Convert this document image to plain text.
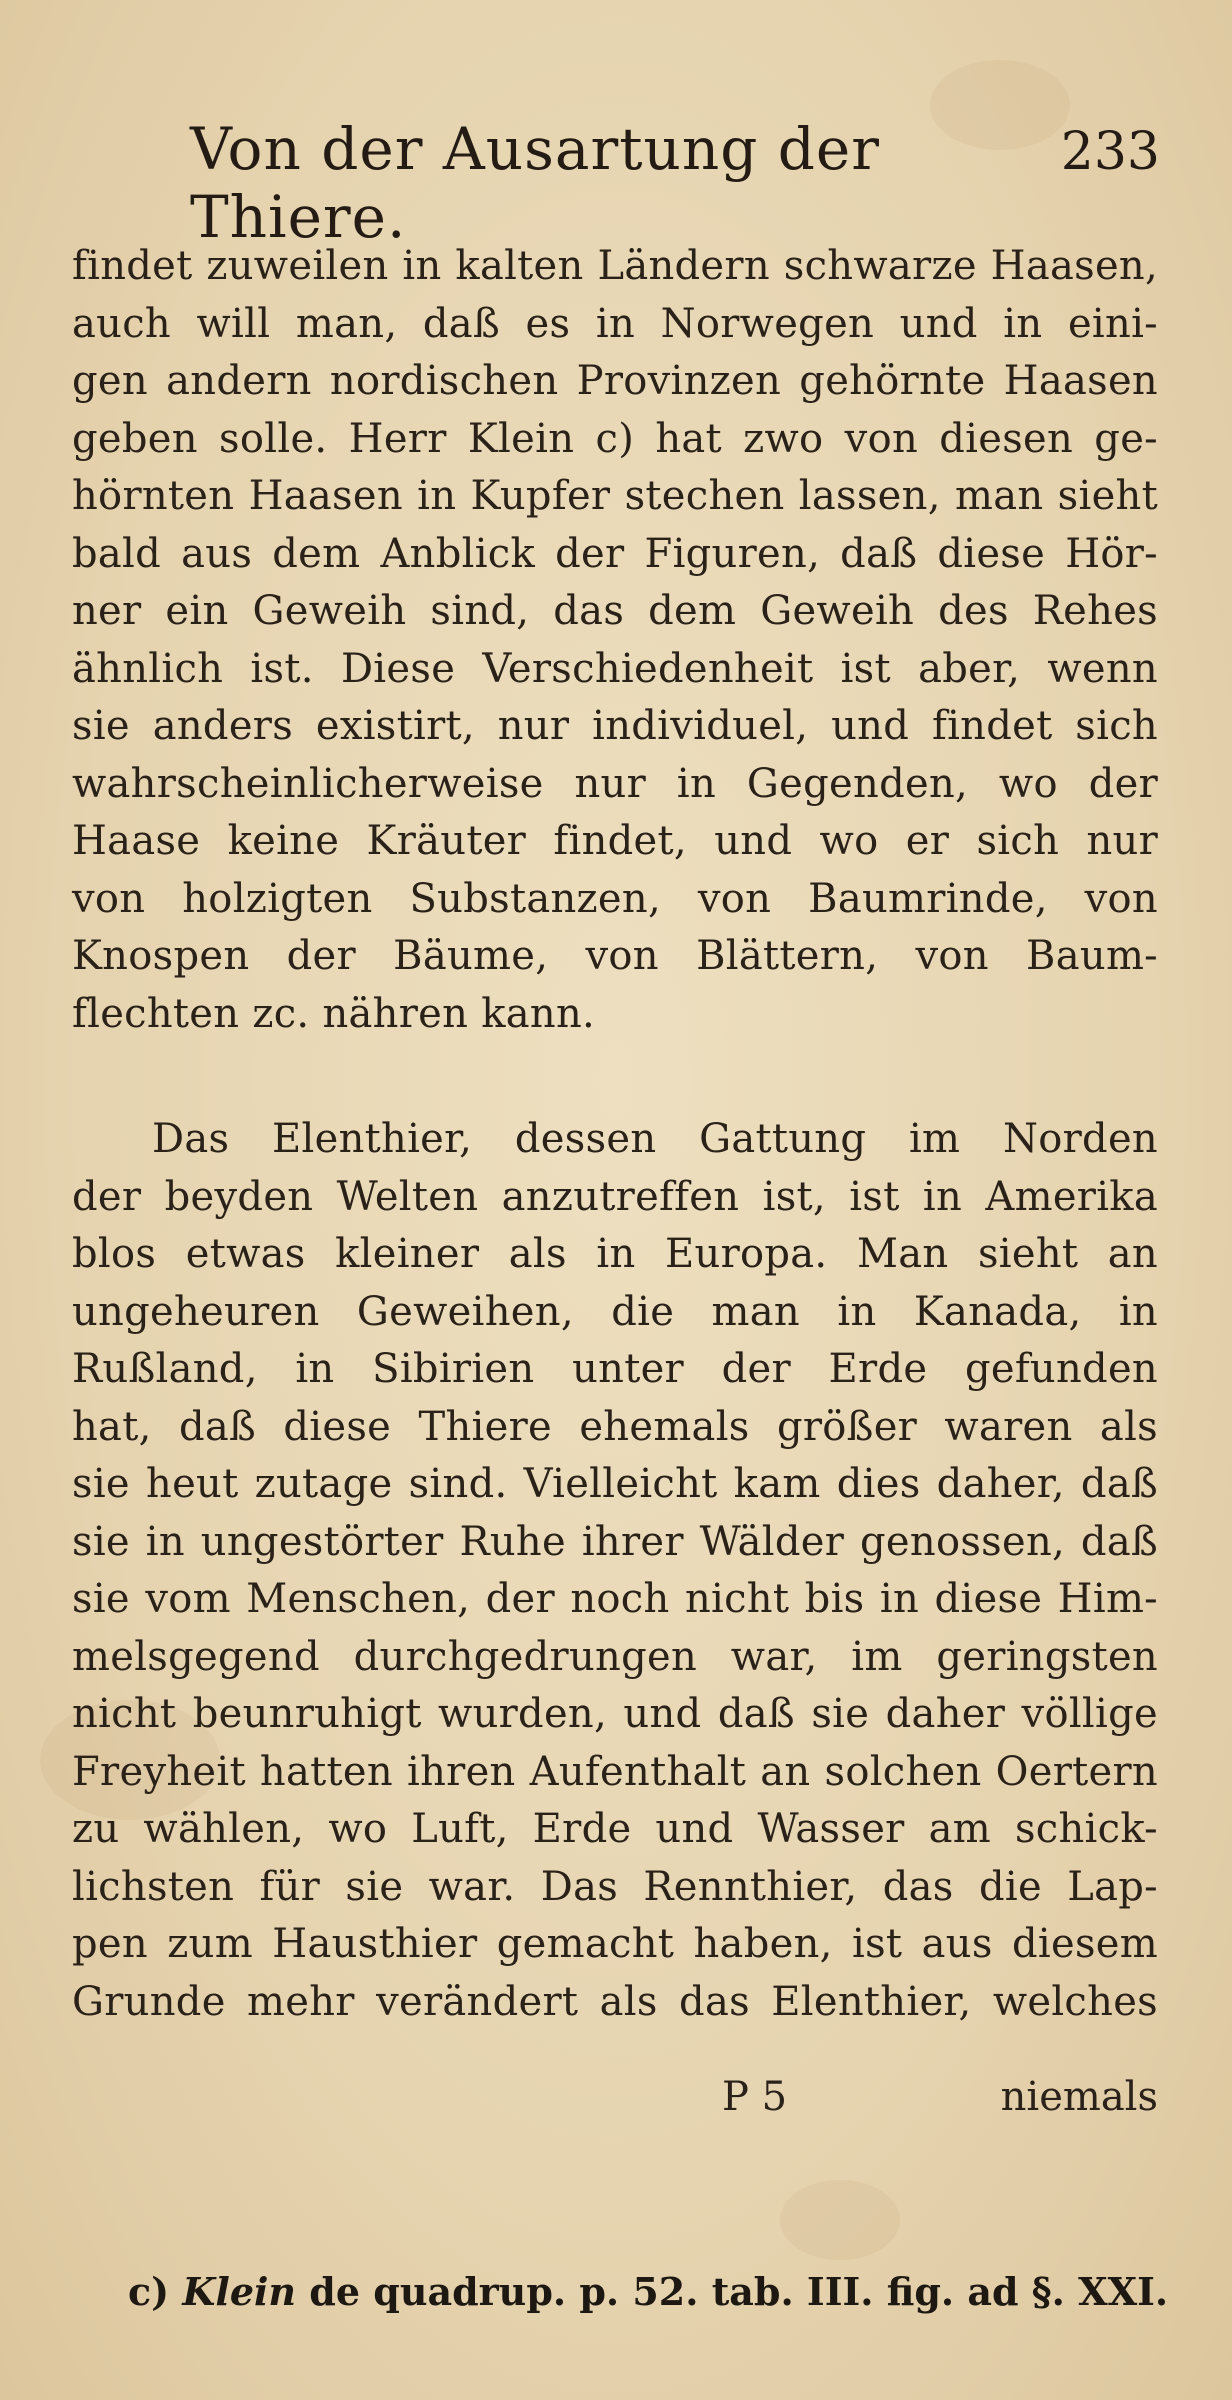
Von der Ausartung der Thiere.
233
findet zuweilen in kalten Ländern schwarze Haasen,
auch will man, daß es in Norwegen und in eini-
gen andern nordischen Provinzen gehörnte Haasen
geben solle. Herr Klein c) hat zwo von diesen ge-
hörnten Haasen in Kupfer stechen lassen, man sieht
bald aus dem Anblick der Figuren, daß diese Hör-
ner ein Geweih sind, das dem Geweih des Rehes
ähnlich ist. Diese Verschiedenheit ist aber, wenn
sie anders existirt, nur individuel, und findet sich
wahrscheinlicherweise nur in Gegenden, wo der
Haase keine Kräuter findet, und wo er sich nur
von holzigten Substanzen, von Baumrinde, von
Knospen der Bäume, von Blättern, von Baum-
flechten zc. nähren kann.
Das Elenthier, dessen Gattung im Norden
der beyden Welten anzutreffen ist, ist in Amerika
blos etwas kleiner als in Europa. Man sieht an
ungeheuren Geweihen, die man in Kanada, in
Rußland, in Sibirien unter der Erde gefunden
hat, daß diese Thiere ehemals größer waren als
sie heut zutage sind. Vielleicht kam dies daher, daß
sie in ungestörter Ruhe ihrer Wälder genossen, daß
sie vom Menschen, der noch nicht bis in diese Him-
melsgegend durchgedrungen war, im geringsten
nicht beunruhigt wurden, und daß sie daher völlige
Freyheit hatten ihren Aufenthalt an solchen Oertern
zu wählen, wo Luft, Erde und Wasser am schick-
lichsten für sie war. Das Rennthier, das die Lap-
pen zum Hausthier gemacht haben, ist aus diesem
Grunde mehr verändert als das Elenthier, welches
P 5	niemals
c) Klein de quadrup. p. 52. tab. III. fig. ad §. XXI.
